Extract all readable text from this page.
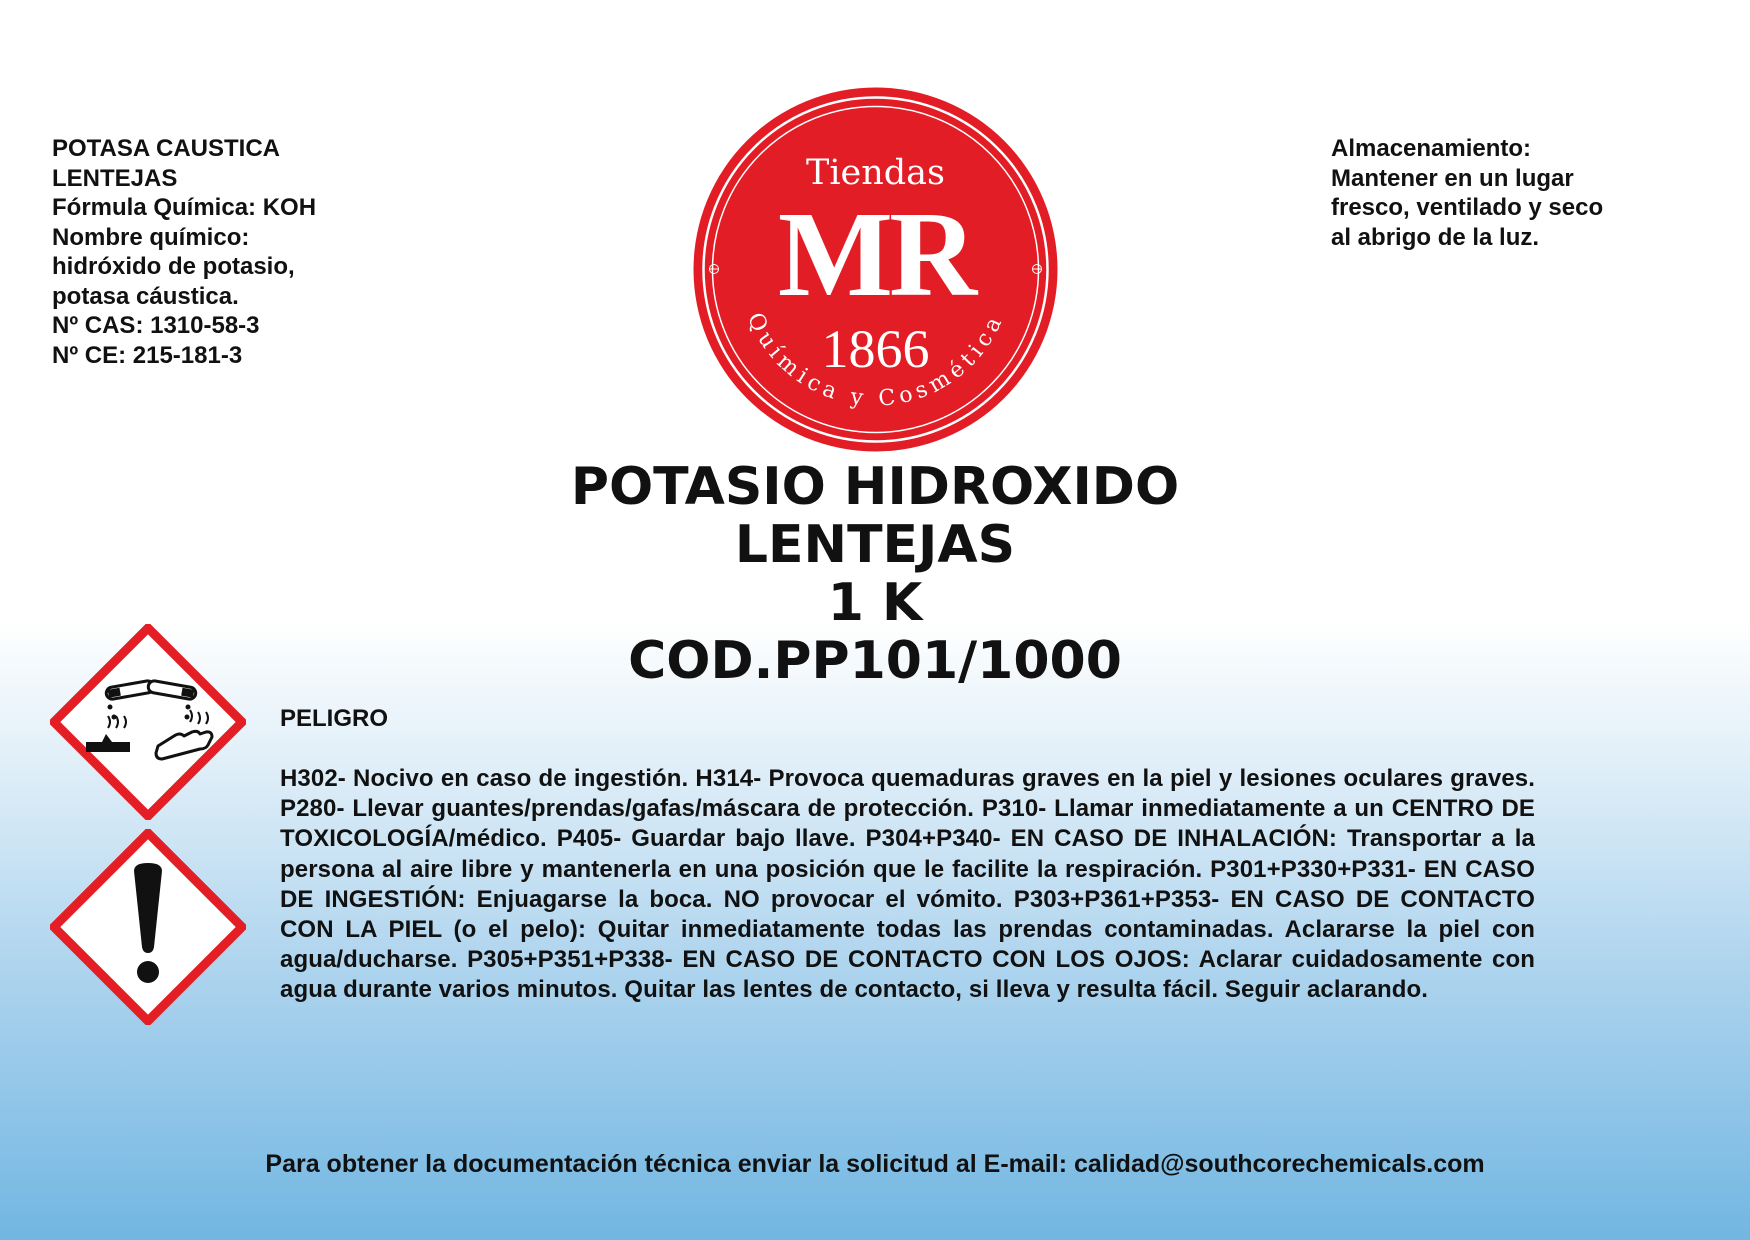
POTASA CAUSTICA
LENTEJAS
Fórmula Química: KOH
Nombre químico:
hidróxido de potasio,
potasa cáustica.
Nº CAS: 1310-58-3
Nº CE: 215-181-3
Almacenamiento:
Mantener en un lugar
fresco, ventilado y seco
al abrigo de la luz.
Tiendas
MR
1866
Química y Cosmética
POTASIO HIDROXIDO
LENTEJAS
1 K
COD.PP101/1000
PELIGRO
H302- Nocivo en caso de ingestión. H314- Provoca quemaduras graves en la piel y lesiones oculares graves. P280- Llevar guantes/prendas/gafas/máscara de protección. P310- Llamar inmediatamente a un CENTRO DE TOXICOLOGÍA/médico. P405- Guardar bajo llave. P304+P340- EN CASO DE INHALACIÓN: Transportar a la persona al aire libre y mantenerla en una posición que le facilite la respiración. P301+P330+P331- EN CASO DE INGESTIÓN: Enjuagarse la boca. NO provocar el vómito. P303+P361+P353- EN CASO DE CONTACTO CON LA PIEL (o el pelo): Quitar inmediatamente todas las prendas contaminadas. Aclararse la piel con agua/ducharse. P305+P351+P338- EN CASO DE CONTACTO CON LOS OJOS: Aclarar cuidadosamente con agua durante varios minutos. Quitar las lentes de contacto, si lleva y resulta fácil. Seguir aclarando.
Para obtener la documentación técnica enviar la solicitud al E-mail: calidad@southcorechemicals.com
